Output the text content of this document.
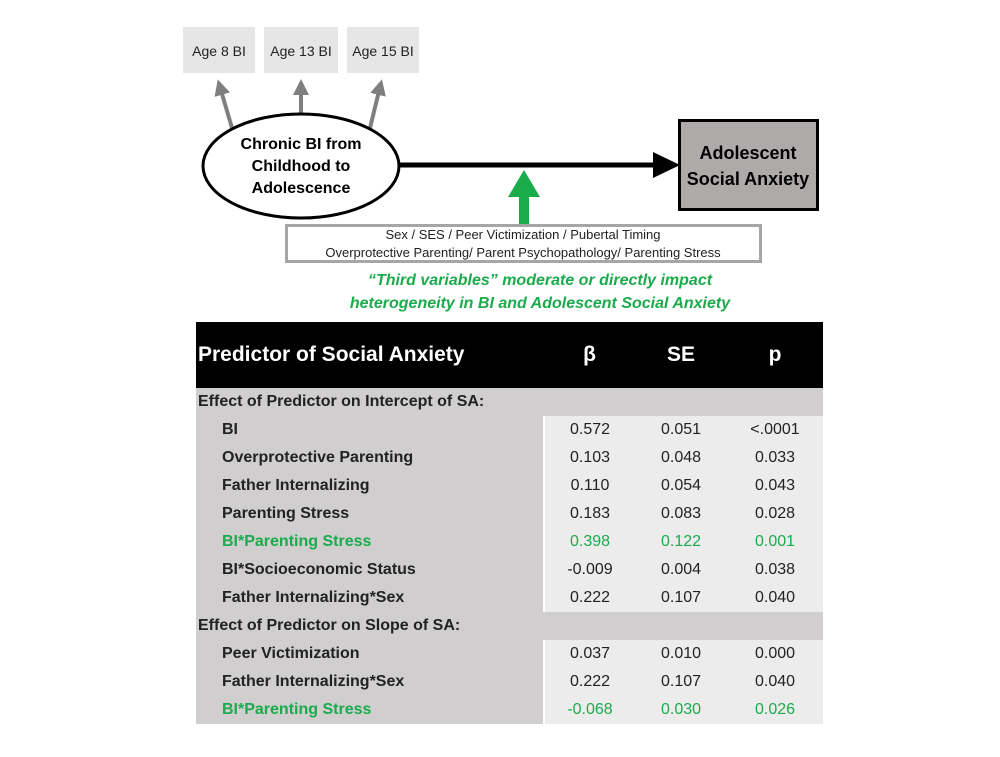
Age 8 BI Age 13 BI Age 15 BI
Chronic BI from
Childhood to
Adolescence
Adolescent
Social Anxiety
Sex / SES / Peer Victimization / Pubertal Timing
Overprotective Parenting/ Parent Psychopathology/ Parenting Stress
“Third variables” moderate or directly impact
heterogeneity in BI and Adolescent Social Anxiety
Predictor of Social Anxiety	β	SE	p
Effect of Predictor on Intercept of SA:			
BI	0.572	0.051	<.0001
Overprotective Parenting	0.103	0.048	0.033
Father Internalizing	0.110	0.054	0.043
Parenting Stress	0.183	0.083	0.028
BI*Parenting Stress	0.398	0.122	0.001
BI*Socioeconomic Status	-0.009	0.004	0.038
Father Internalizing*Sex	0.222	0.107	0.040
Effect of Predictor on Slope of SA:			
Peer Victimization	0.037	0.010	0.000
Father Internalizing*Sex	0.222	0.107	0.040
BI*Parenting Stress	-0.068	0.030	0.026
